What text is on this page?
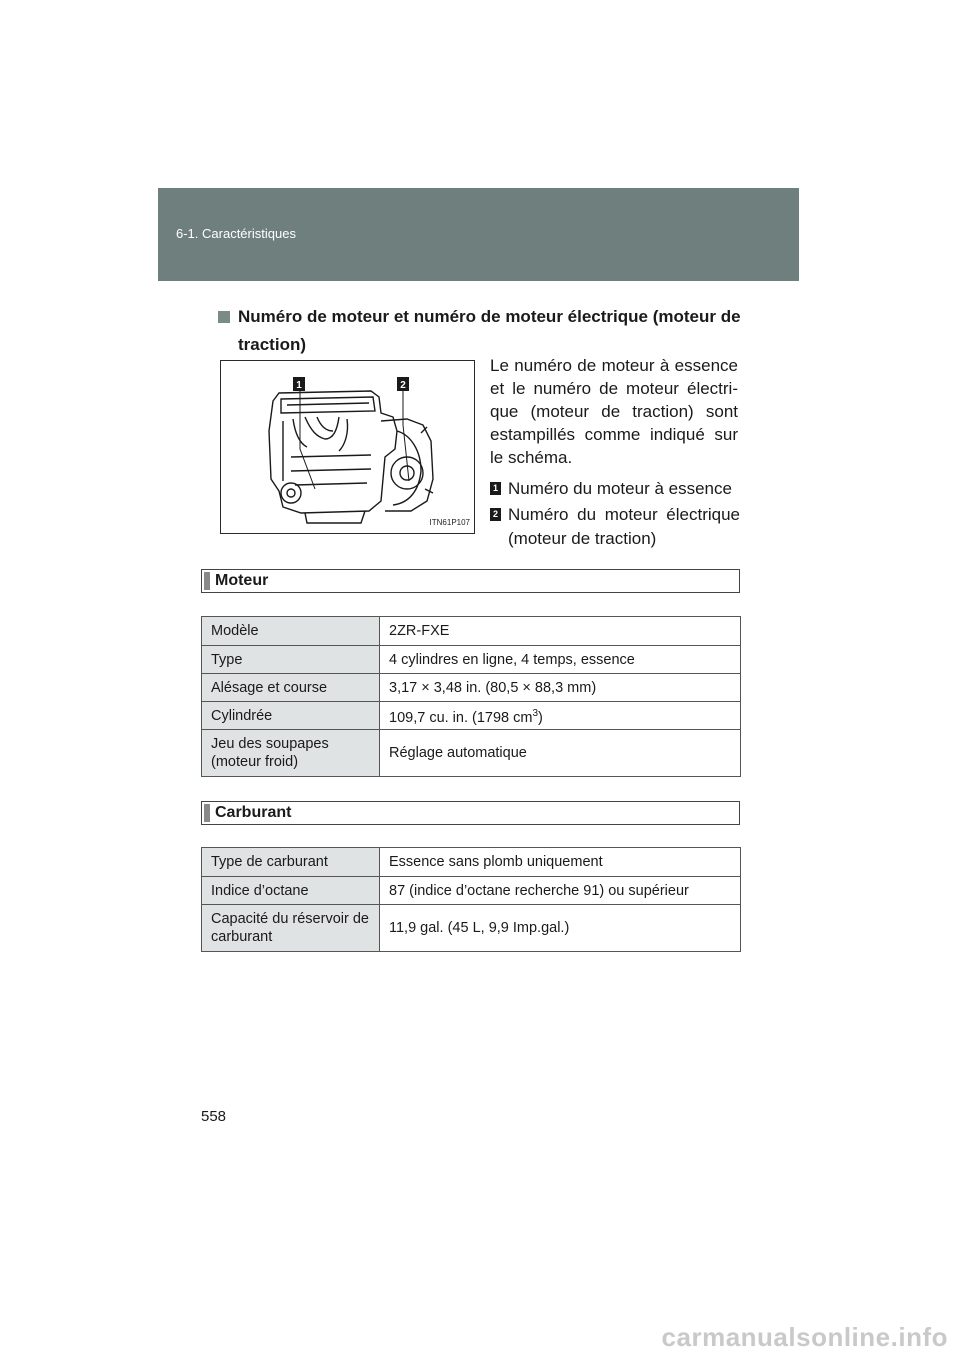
6-1. Caractéristiques
Numéro de moteur et numéro de moteur électrique (moteur de traction)
1	2
ITN61P107
Le numéro de moteur à essence et le numéro de moteur électri-que (moteur de traction) sont estampillés comme indiqué sur le schéma.
1 Numéro du moteur à essence
2 Numéro du moteur électrique (moteur de traction)
Moteur
Modèle	2ZR-FXE
Type	4 cylindres en ligne, 4 temps, essence
Alésage et course	3,17 × 3,48 in. (80,5 × 88,3 mm)
Cylindrée	109,7 cu. in. (1798 $cm^3$)
Jeu des soupapes (moteur froid)	Réglage automatique
Carburant
Type de carburant	Essence sans plomb uniquement
Indice d’octane	87 (indice d’octane recherche 91) ou supérieur
Capacité du réservoir de carburant	11,9 gal. (45 L, 9,9 Imp.gal.)
558
carmanualsonline.info
